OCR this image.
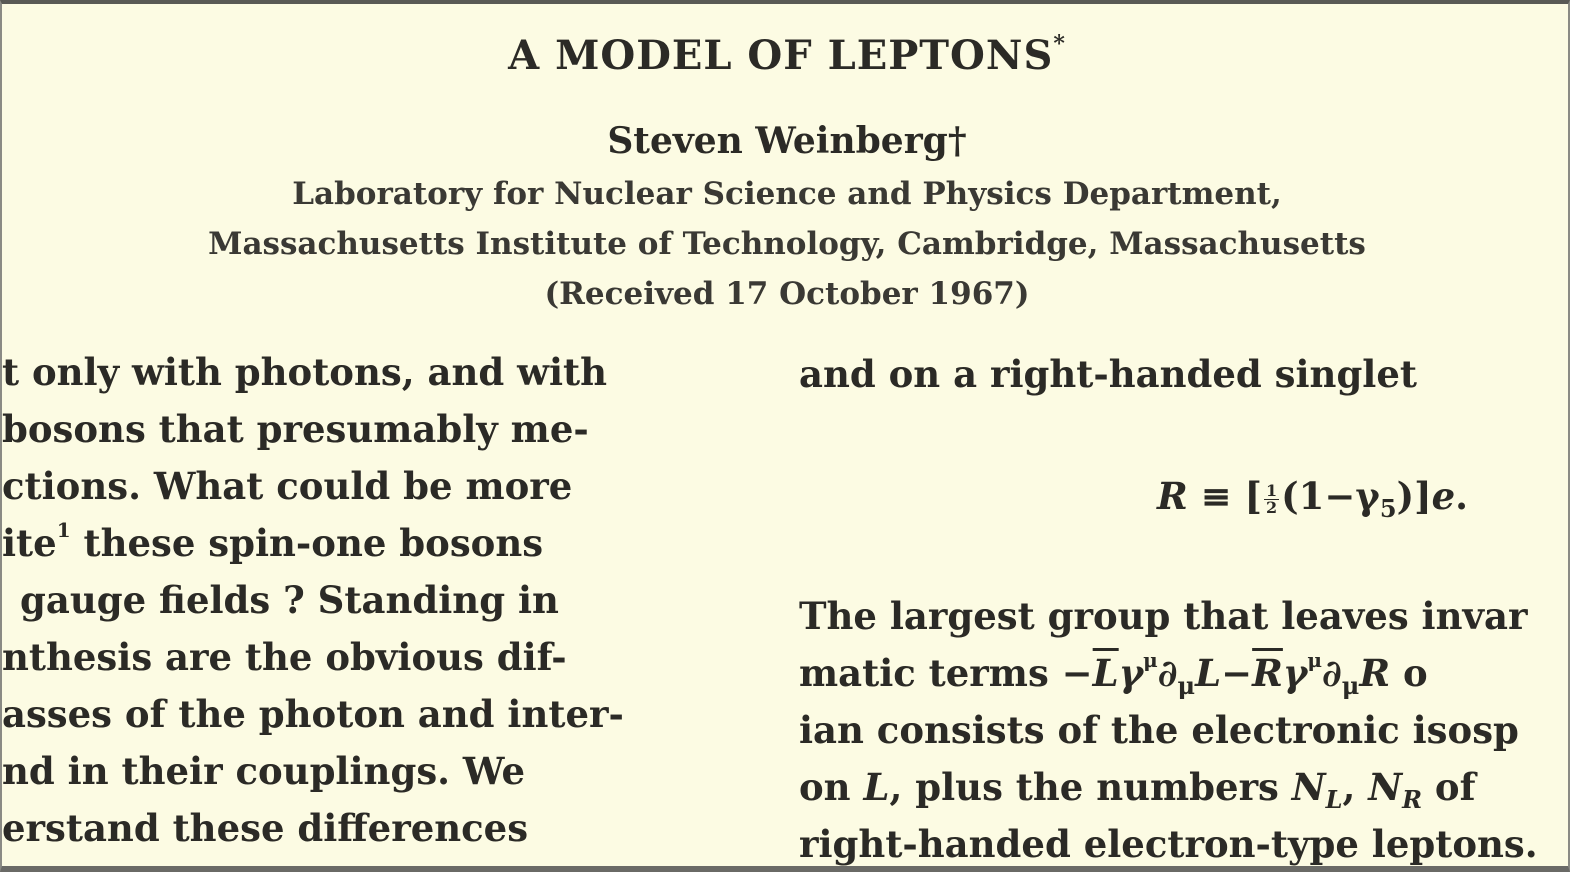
A MODEL OF LEPTONS*
Steven Weinberg†
Laboratory for Nuclear Science and Physics Department,
Massachusetts Institute of Technology, Cambridge, Massachusetts
(Received 17 October 1967)
t only with photons, and with
bosons that presumably me-
ctions. What could be more
ite$^1$ these spin-one bosons
gauge fields ? Standing in
nthesis are the obvious dif-
asses of the photon and inter-
nd in their couplings. We
erstand these differences
and on a right-handed singlet
R ≡ [ $\frac{1}{2} (1-\gamma_5)]e$.
The largest group that leaves invar
matic terms $-\overline{L}\gamma^\mu\partial_\mu L-\overline{R}\gamma^\mu\partial_\mu R$ o
ian consists of the electronic isosp
on L, plus the numbers $N_L$, $N_R$ of
right-handed electron-type leptons.
